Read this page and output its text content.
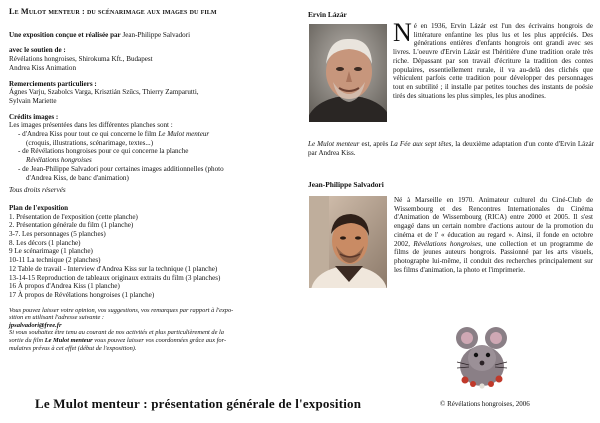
Le Mulot menteur : du scénarimage aux images du film

Une exposition conçue et réalisée par Jean-Philippe Salvadori

avec le soutien de :

Révélations hongroises, Shirokuma Kft., Budapest

Andrea Kiss Animation

Remerciements particuliers :

Ágnes Varju, Szabolcs Varga, Krisztián Szűcs, Thierry Zamparutti,

Sylvain Mariette

Crédits images :

Les images présentées dans les différentes planches sont :

- d'Andrea Kiss pour tout ce qui concerne le film Le Mulot menteur

(croquis, illustrations, scénarimage, textes...)

- de Révélations hongroises pour ce qui concerne la planche

Révélations hongroises

- de Jean-Philippe Salvadori pour certaines images additionnelles (photo

d'Andrea Kiss, de banc d'animation)

Tous droits réservés

Plan de l'exposition

1. Présentation de l'exposition (cette planche)

2. Présentation générale du film (1 planche)

3-7. Les personnages (5 planches)

8. Les décors (1 planche)

9 Le scénarimage (1 planche)

10-11 La technique (2 planches)

12 Table de travail - Interview d'Andrea Kiss sur la technique (1 planche)

13-14-15 Reproduction de tableaux originaux extraits du film (3 planches)

16 À propos d'Andrea Kiss (1 planche)

17 À propos de Révélations hongroises (1 planche)

Vous pouvez laisser votre opinion, vos suggestions, vos remarques par rapport à l'expo-

sition en utilisant l'adresse suivante :

jpsalvadori@free.fr

Si vous souhaitez être tenu au courant de nos activités et plus particulièrement de la

sortie du film Le Mulot menteur vous pouvez laisser vos coordonnées grâce aux for-

mulaires prévus à cet effet (début de l'exposition).

Ervin Lázár

Né en 1936, Ervin Lázár est l'un des écrivains hongrois de littérature enfantine les plus lus et les plus appréciés. Des générations entières d'enfants hongrois ont grandi avec ses livres. L'oeuvre d'Ervin Lázár est l'héritière d'une tradition orale très riche. Dépassant par son travail d'écriture la tradition des contes populaires, essentiellement rurale, il va au-delà des clichés que véhiculent parfois cette tradition pour développer des personnages tout en subtilité ; il installe par petites touches des instants de poésie tirés des situations les plus simples, les plus anodines.
Le Mulot menteur est, après La Fée aux sept têtes, la deuxième adaptation d'un conte d'Ervin Lázár par Andrea Kiss.

Jean-Philippe Salvadori

Né à Marseille en 1970. Animateur culturel du Ciné-Club de Wissembourg et des Rencontres Internationales du Cinéma d'Animation de Wissembourg (RICA) entre 2000 et 2005. Il s'est engagé dans un certain nombre d'actions autour de la promotion du cinéma et de l' « éducation au regard ». Ainsi, il fonde en octobre 2002, Révélations hongroises, une collection et un programme de films de jeunes auteurs hongrois. Passionné par les arts visuels, photographe lui-même, il conduit des recherches principalement sur les films d'animation, la photo et l'imprimerie.
Le Mulot menteur : présentation générale de l'exposition	© Révélations hongroises, 2006
